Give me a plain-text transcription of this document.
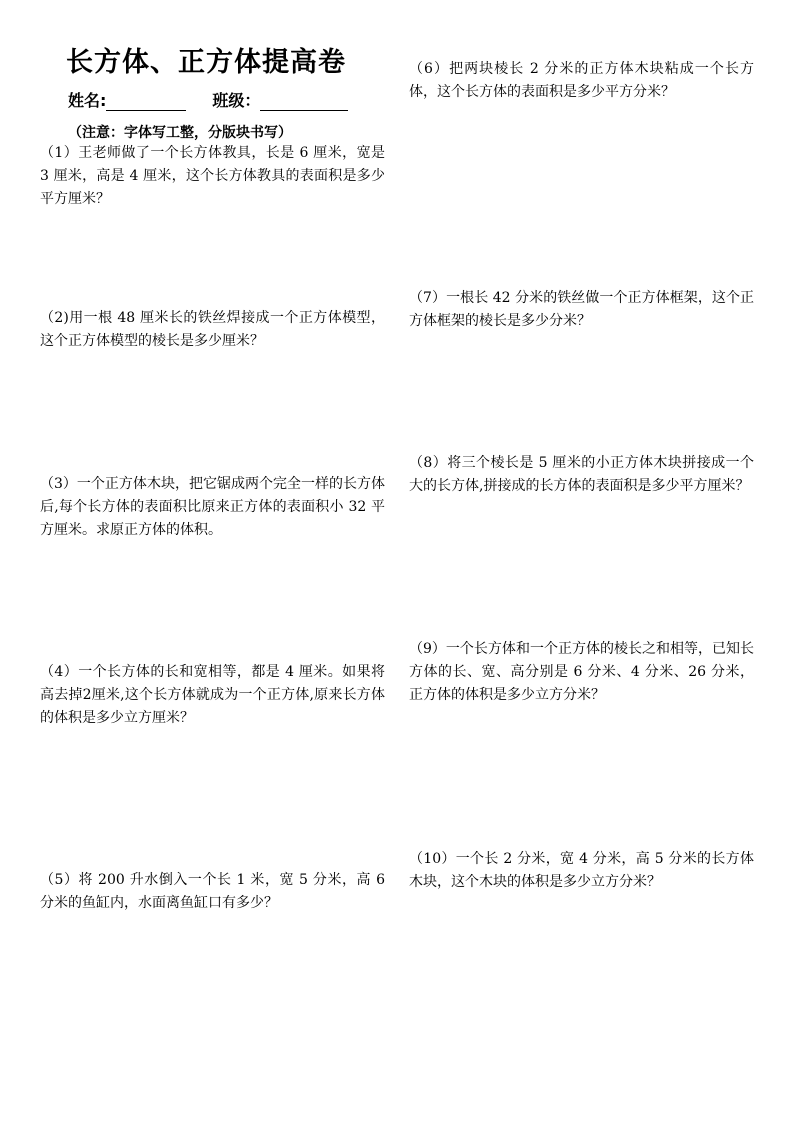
长方体、正方体提高卷
姓名:	班级：
（注意：字体写工整，分版块书写）
（1）王老师做了一个长方体教具，长是 6 厘米，宽是 3 厘米，高是 4 厘米，这个长方体教具的表面积是多少平方厘米？
（2)用一根 48 厘米长的铁丝焊接成一个正方体模型，这个正方体模型的棱长是多少厘米？
（3）一个正方体木块，把它锯成两个完全一样的长方体后,每个长方体的表面积比原来正方体的表面积小 32 平方厘米。求原正方体的体积。
（4）一个长方体的长和宽相等，都是 4 厘米。如果将高去掉2厘米,这个长方体就成为一个正方体,原来长方体的体积是多少立方厘米？
（5）将 200 升水倒入一个长 1 米，宽 5 分米，高 6 分米的鱼缸内，水面离鱼缸口有多少？
（6）把两块棱长 2 分米的正方体木块粘成一个长方体，这个长方体的表面积是多少平方分米？
（7）一根长 42 分米的铁丝做一个正方体框架，这个正方体框架的棱长是多少分米？
（8）将三个棱长是 5 厘米的小正方体木块拼接成一个大的长方体,拼接成的长方体的表面积是多少平方厘米？
（9）一个长方体和一个正方体的棱长之和相等，已知长方体的长、宽、高分别是 6 分米、4 分米、26 分米，正方体的体积是多少立方分米？
（10）一个长 2 分米，宽 4 分米，高 5 分米的长方体木块，这个木块的体积是多少立方分米？
